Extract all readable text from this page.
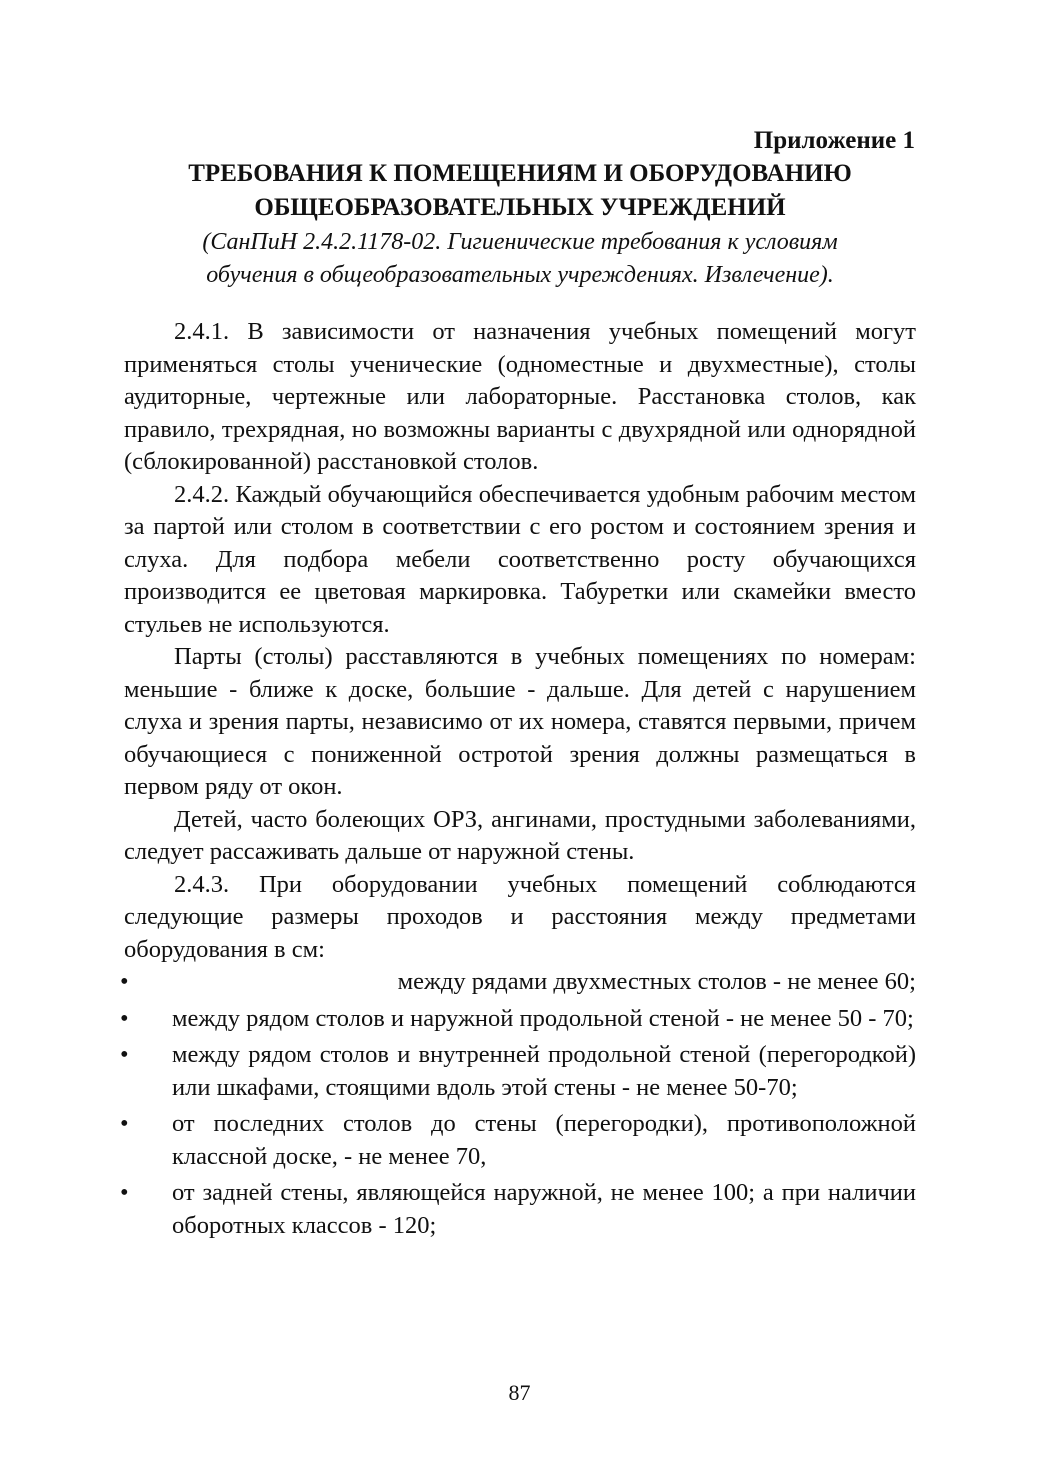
Приложение 1

ТРЕБОВАНИЯ К ПОМЕЩЕНИЯМ И ОБОРУДОВАНИЮ
ОБЩЕОБРАЗОВАТЕЛЬНЫХ УЧРЕЖДЕНИЙ

(СанПиН 2.4.2.1178-02. Гигиенические требования к условиям
обучения в общеобразовательных учреждениях. Извлечение).

2.4.1. В зависимости от назначения учебных помещений могут применяться столы ученические (одноместные и двухместные), столы аудиторные, чертежные или лабораторные. Расстановка столов, как правило, трехрядная, но возможны варианты с двухрядной или однорядной (сблокированной) расстановкой столов.

2.4.2. Каждый обучающийся обеспечивается удобным рабочим местом за партой или столом в соответствии с его ростом и состоянием зрения и слуха. Для подбора мебели соответственно росту обучающихся производится ее цветовая маркировка. Табуретки или скамейки вместо стульев не используются.

Парты (столы) расставляются в учебных помещениях по номерам: меньшие - ближе к доске, большие - дальше. Для детей с нарушением слуха и зрения парты, независимо от их номера, ставятся первыми, причем обучающиеся с пониженной остротой зрения должны размещаться в первом ряду от окон.

Детей, часто болеющих ОРЗ, ангинами, простудными заболеваниями, следует рассаживать дальше от наружной стены.

2.4.3. При оборудовании учебных помещений соблюдаются следующие размеры проходов и расстояния между предметами оборудования в см:

•	между рядами двухместных столов - не менее 60;
• между рядом столов и наружной продольной стеной - не менее 50 - 70;
• между рядом столов и внутренней продольной стеной (перегородкой) или шкафами, стоящими вдоль этой стены - не менее 50-70;
• от последних столов до стены (перегородки), противоположной классной доске, - не менее 70,
• от задней стены, являющейся наружной, не менее 100; а при наличии оборотных классов - 120;

87
